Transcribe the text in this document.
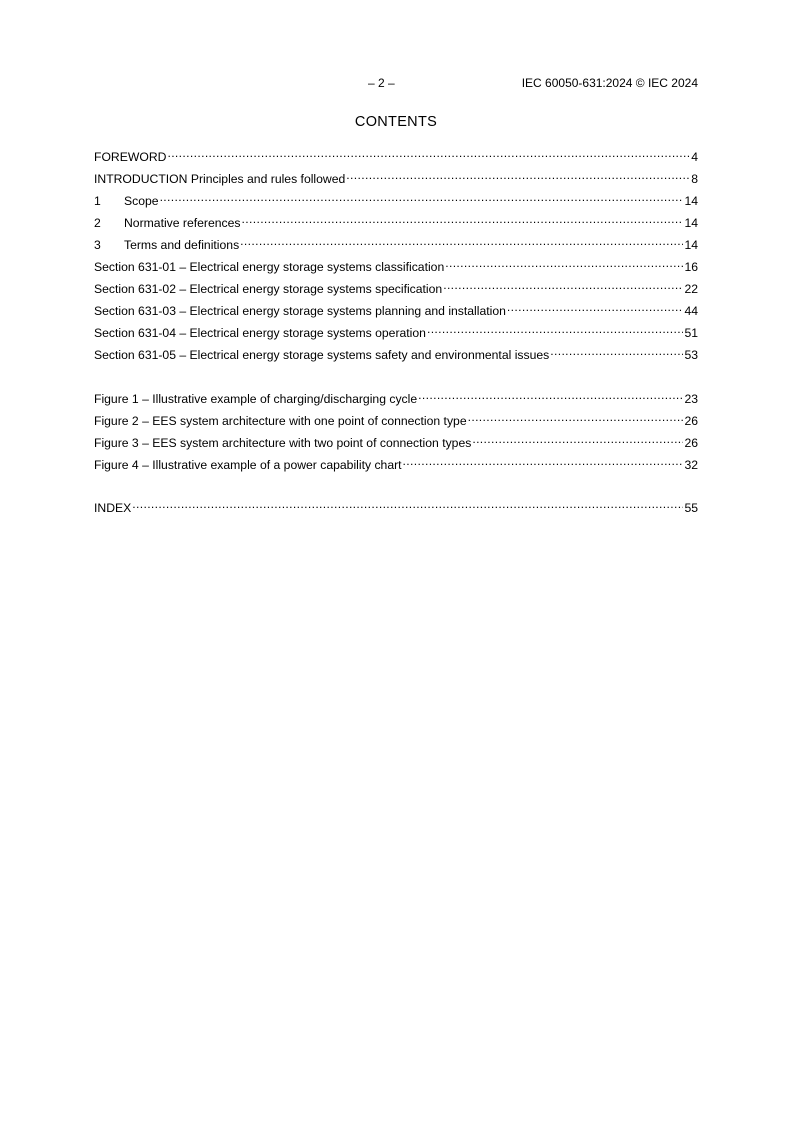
– 2 –	IEC 60050-631:2024 © IEC 2024
CONTENTS
FOREWORD .....	4
INTRODUCTION Principles and rules followed .....	8
1	Scope .....	14
2	Normative references .....	14
3	Terms and definitions .....	14
Section 631-01 – Electrical energy storage systems classification .....	16
Section 631-02 – Electrical energy storage systems specification .....	22
Section 631-03 – Electrical energy storage systems planning and installation .....	44
Section 631-04 – Electrical energy storage systems operation .....	51
Section 631-05 – Electrical energy storage systems safety and environmental issues .....	53
Figure 1 – Illustrative example of charging/discharging cycle .....	23
Figure 2 – EES system architecture with one point of connection type .....	26
Figure 3 – EES system architecture with two point of connection types .....	26
Figure 4 – Illustrative example of a power capability chart .....	32
INDEX .....	55
